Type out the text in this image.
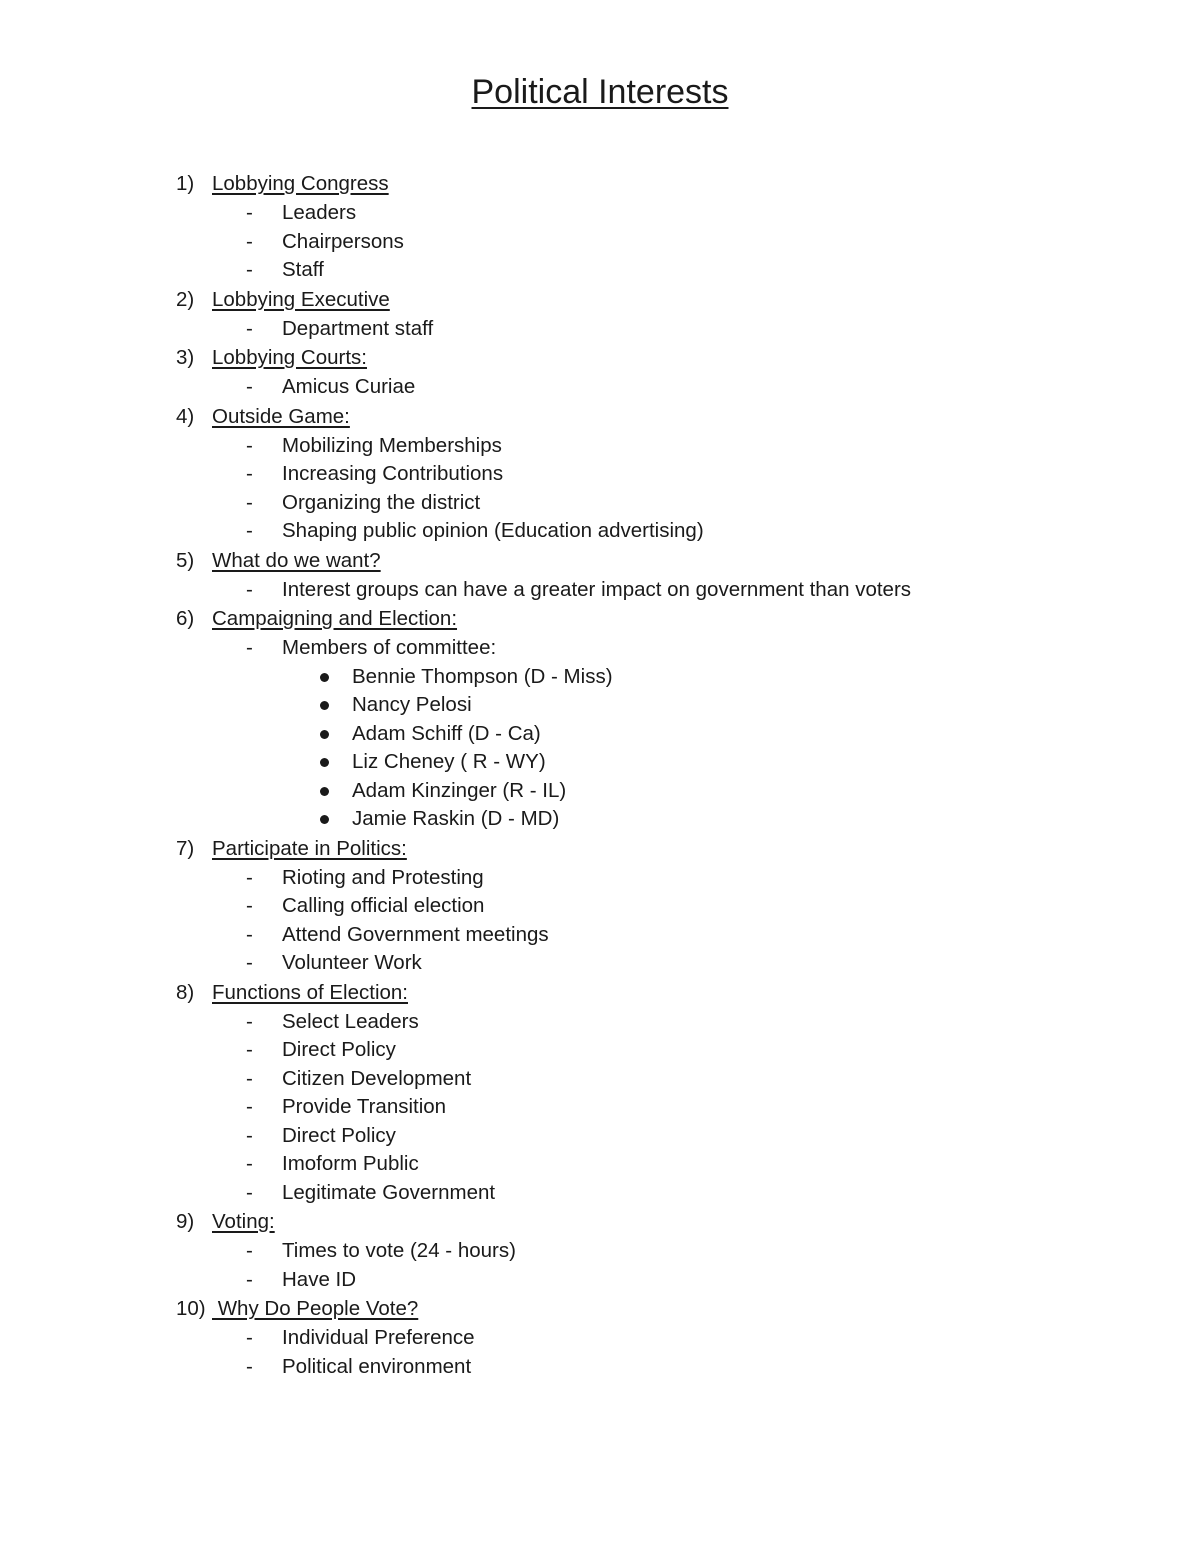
Political Interests
1) Lobbying Congress
- Leaders
- Chairpersons
- Staff
2) Lobbying Executive
- Department staff
3) Lobbying Courts:
- Amicus Curiae
4) Outside Game:
- Mobilizing Memberships
- Increasing Contributions
- Organizing the district
- Shaping public opinion (Education advertising)
5) What do we want?
- Interest groups can have a greater impact on government than voters
6) Campaigning and Election:
- Members of committee:
Bennie Thompson (D - Miss)
Nancy Pelosi
Adam Schiff (D - Ca)
Liz Cheney ( R - WY)
Adam Kinzinger (R - IL)
Jamie Raskin (D - MD)
7) Participate in Politics:
- Rioting and Protesting
- Calling official election
- Attend Government meetings
- Volunteer Work
8) Functions of Election:
- Select Leaders
- Direct Policy
- Citizen Development
- Provide Transition
- Direct Policy
- Imoform Public
- Legitimate Government
9) Voting:
- Times to vote (24 - hours)
- Have ID
10) Why Do People Vote?
- Individual Preference
- Political environment
